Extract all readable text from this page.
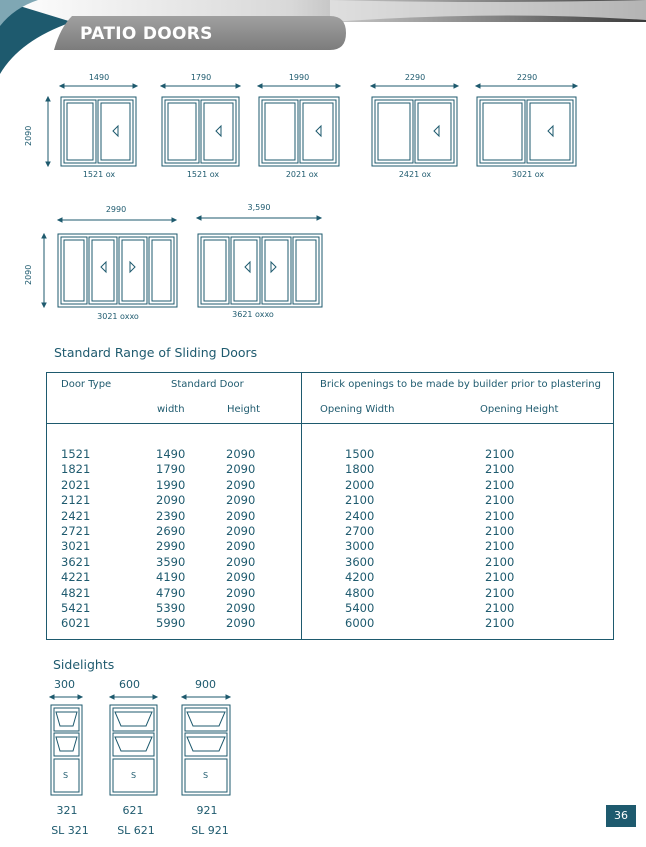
PATIO DOORS
1490	1790	1990	2290	2290
2090
1521 ox	1521 ox	2021 ox	2421 ox	3021 ox
2990	3,590
2090
3021 oxxo	3621 oxxo
Standard Range of Sliding Doors
Door Type	Standard Door	Brick openings to be made by builder prior to plastering
width	Height	Opening Width	Opening Height
1521	1490	2090	1500	2100
1821	1790	2090	1800	2100
2021	1990	2090	2000	2100
2121	2090	2090	2100	2100
2421	2390	2090	2400	2100
2721	2690	2090	2700	2100
3021	2990	2090	3000	2100
3621	3590	2090	3600	2100
4221	4190	2090	4200	2100
4821	4790	2090	4800	2100
5421	5390	2090	5400	2100
6021	5990	2090	6000	2100
Sidelights
300	600	900
S	S	S
321	621	921
SL 321	SL 621	SL 921
36
